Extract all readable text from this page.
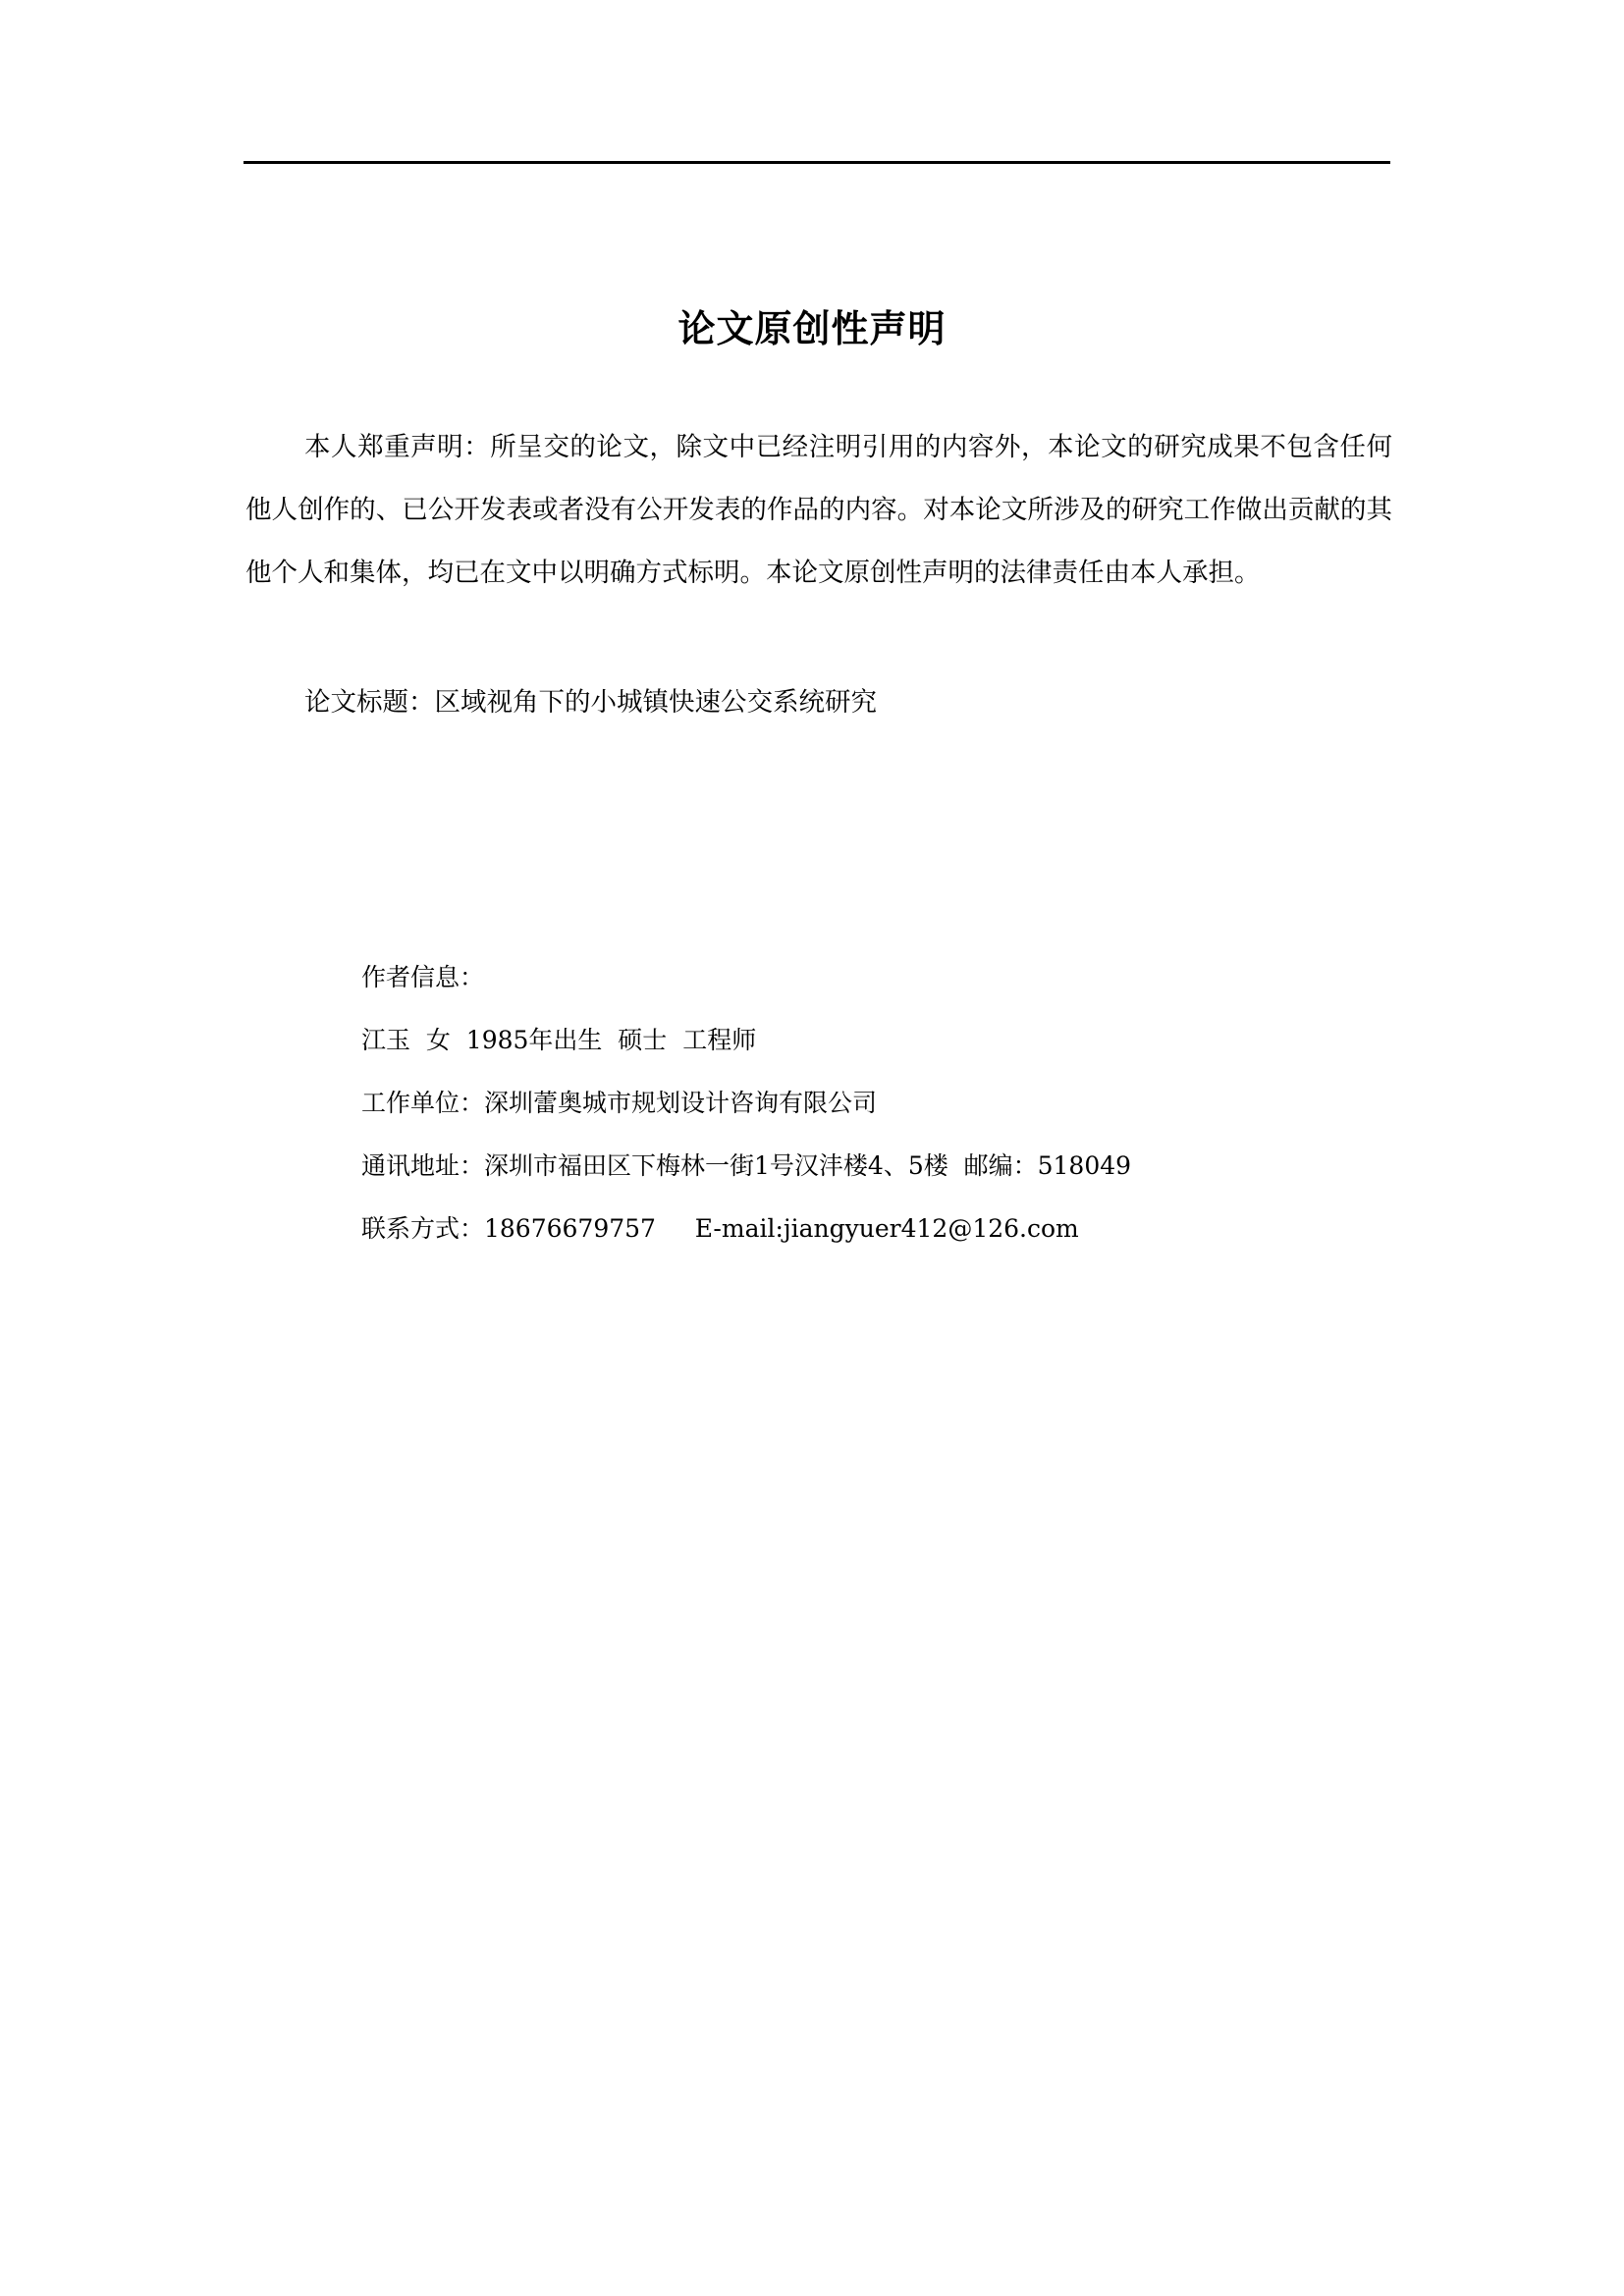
论文原创性声明

本人郑重声明：所呈交的论文，除文中已经注明引用的内容外，本论文的研究成果不包含任何他人创作的、已公开发表或者没有公开发表的作品的内容。对本论文所涉及的研究工作做出贡献的其他个人和集体，均已在文中以明确方式标明。本论文原创性声明的法律责任由本人承担。

论文标题：区域视角下的小城镇快速公交系统研究

作者信息：

江玉  女  1985年出生  硕士  工程师

工作单位：深圳蕾奥城市规划设计咨询有限公司

通讯地址：深圳市福田区下梅林一街1号汉沣楼4、5楼  邮编：518049

联系方式：18676679757     E-mail:jiangyuer412@126.com
